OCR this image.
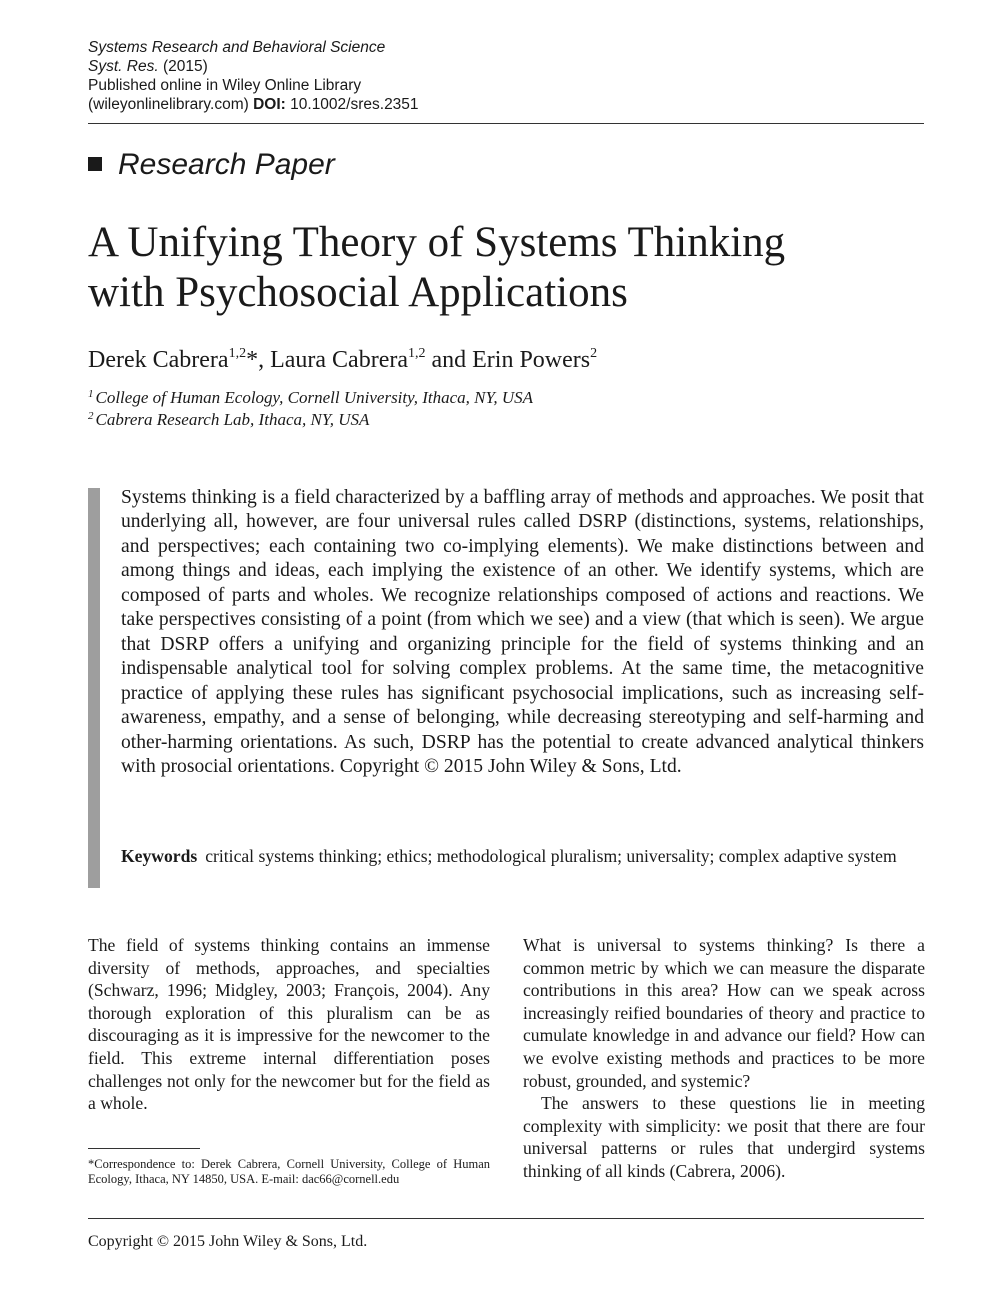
Systems Research and Behavioral Science
Syst. Res. (2015)
Published online in Wiley Online Library
(wileyonlinelibrary.com) DOI: 10.1002/sres.2351
Research Paper
A Unifying Theory of Systems Thinking
with Psychosocial Applications
Derek Cabrera$^{1,2}$*, Laura Cabrera$^{1,2}$ and Erin Powers$^2$
$^1$ College of Human Ecology, Cornell University, Ithaca, NY, USA
$^2$ Cabrera Research Lab, Ithaca, NY, USA

Systems thinking is a field characterized by a baffling array of methods and approaches. We posit that underlying all, however, are four universal rules called DSRP (distinctions, systems, relationships, and perspectives; each containing two co-implying elements). We make distinctions between and among things and ideas, each implying the existence of an other. We identify systems, which are composed of parts and wholes. We recognize relationships composed of actions and reactions. We take perspectives consisting of a point (from which we see) and a view (that which is seen). We argue that DSRP offers a unifying and organizing principle for the field of systems thinking and an indispensable analytical tool for solving complex problems. At the same time, the metacognitive practice of applying these rules has significant psychosocial implications, such as increasing self-awareness, empathy, and a sense of belonging, while decreasing stereotyping and self-harming and other-harming orientations. As such, DSRP has the potential to create advanced analytical thinkers with prosocial orientations. Copyright © 2015 John Wiley & Sons, Ltd.

Keywords critical systems thinking; ethics; methodological pluralism; universality; complex adaptive system

The field of systems thinking contains an immense diversity of methods, approaches, and specialties (Schwarz, 1996; Midgley, 2003; François, 2004). Any thorough exploration of this pluralism can be as discouraging as it is impressive for the newcomer to the field. This extreme internal differentiation poses challenges not only for the newcomer but for the field as a whole.

What is universal to systems thinking? Is there a common metric by which we can measure the disparate contributions in this area? How can we speak across increasingly reified boundaries of theory and practice to cumulate knowledge in and advance our field? How can we evolve existing methods and practices to be more robust, grounded, and systemic?

The answers to these questions lie in meeting complexity with simplicity: we posit that there are four universal patterns or rules that undergird systems thinking of all kinds (Cabrera, 2006).

*Correspondence to: Derek Cabrera, Cornell University, College of Human Ecology, Ithaca, NY 14850, USA. E-mail: dac66@cornell.edu
Copyright © 2015 John Wiley & Sons, Ltd.
